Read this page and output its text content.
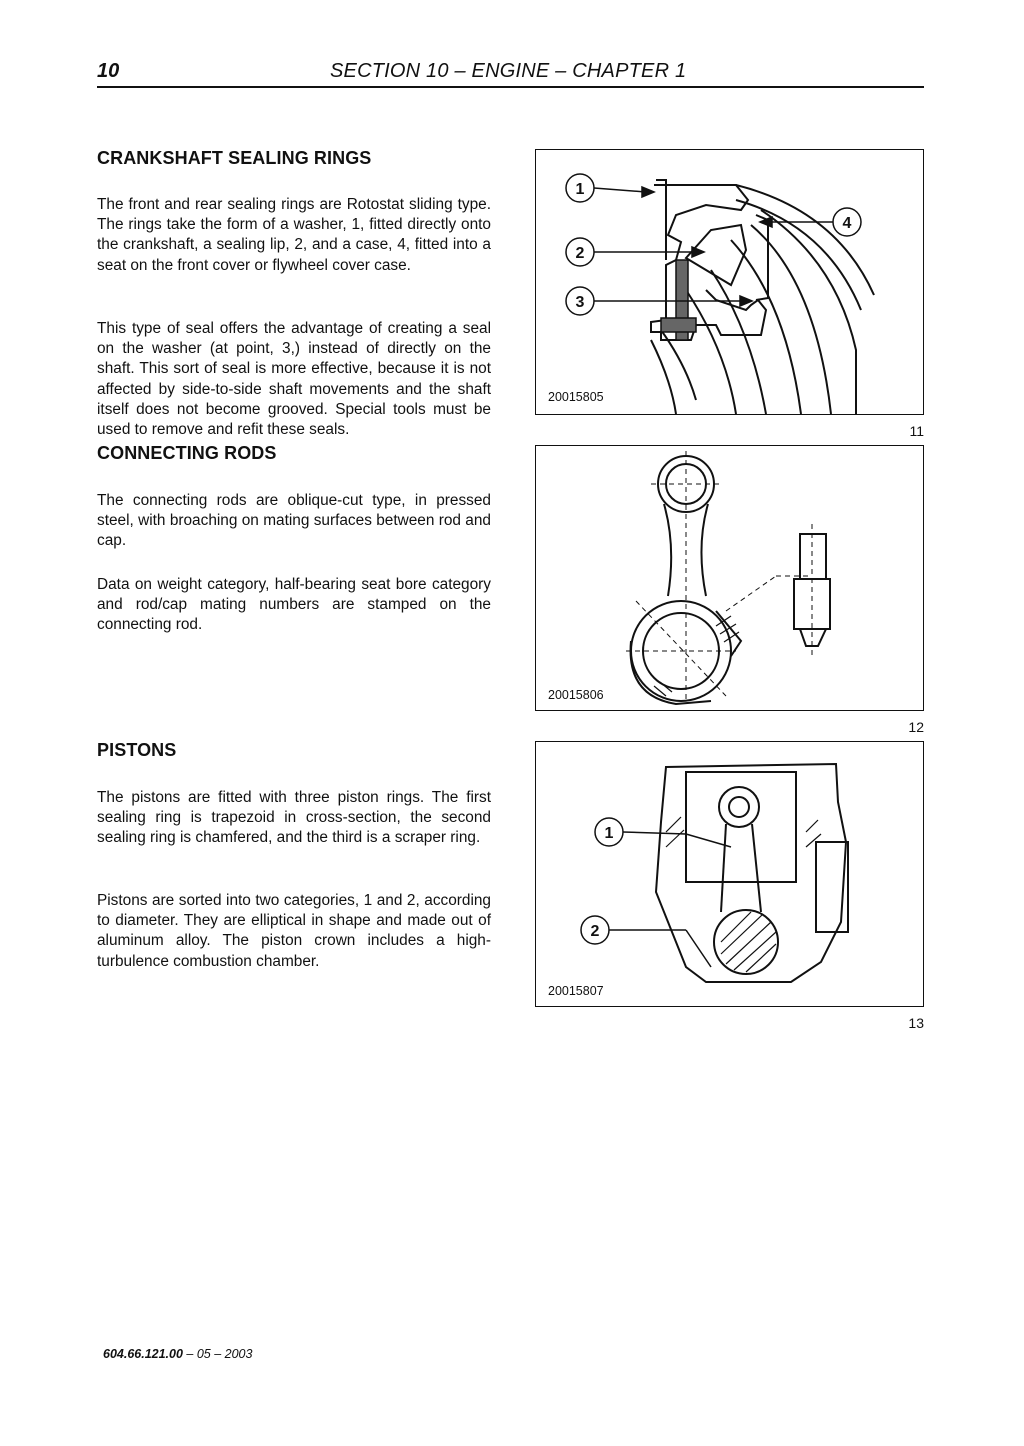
10	SECTION 10 – ENGINE – CHAPTER 1
CRANKSHAFT SEALING RINGS

The front and rear sealing rings are Rotostat sliding type. The rings take the form of a washer, 1, fitted directly onto the crankshaft, a sealing lip, 2, and a case, 4, fitted into a seat on the front cover or flywheel cover case.

This type of seal offers the advantage of creating a seal on the washer (at point, 3,) instead of directly on the shaft. This sort of seal is more effective, because it is not affected by side-to-side shaft movements and the shaft itself does not become grooved. Special tools must be used to remove and refit these seals.

CONNECTING RODS

The connecting rods are oblique-cut type, in pressed steel, with broaching on mating surfaces between rod and cap.

Data on weight category, half-bearing seat bore category and rod/cap mating numbers are stamped on the connecting rod.

PISTONS

The pistons are fitted with three piston rings. The first sealing ring is trapezoid in cross-section, the second sealing ring is chamfered, and the third is a scraper ring.

Pistons are sorted into two categories, 1 and 2, according to diameter. They are elliptical in shape and made out of aluminum alloy. The piston crown includes a high-turbulence combustion chamber.

1
2
3
4
20015805
11
20015806
12
1
2
20015807
13
604.66.121.00 – 05 – 2003
